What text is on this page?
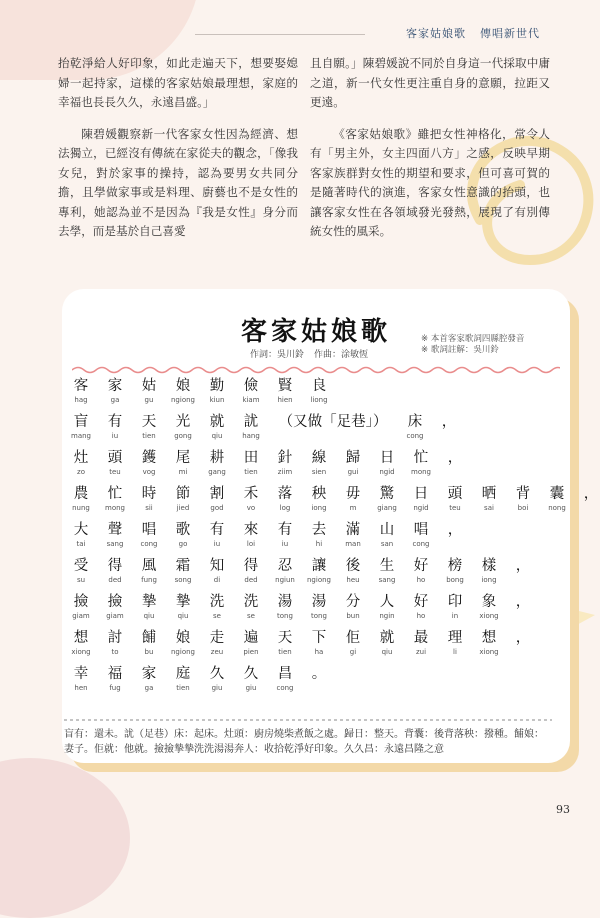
客家姑娘歌 傳唱新世代

抬乾淨給人好印象，如此走遍天下，想要娶媳婦一起持家，這樣的客家姑娘最理想，家庭的幸福也長長久久，永遠昌盛。」

陳碧媛觀察新一代客家女性因為經濟、想法獨立，已經沒有傳統在家從夫的觀念，「像我女兒，對於家事的操持，認為要男女共同分擔，且學做家事或是料理、廚藝也不是女性的專利，她認為並不是因為『我是女性』身分而去學，而是基於自己喜愛

且自願。」陳碧媛說不同於自身這一代採取中庸之道，新一代女性更注重自身的意願，拉距又更遠。

《客家姑娘歌》雖把女性神格化，常令人有「男主外，女主四面八方」之感，反映早期客家族群對女性的期望和要求，但可喜可賀的是隨著時代的演進，客家女性意識的抬頭，也讓客家女性在各領域發光發熱，展現了有別傳統女性的風采。

客家姑娘歌
作詞：吳川鈴 作曲：涂敏恆
※ 本首客家歌詞四縣腔發音
※ 歌詞註解：吳川鈴
客
hag
家
ga
姑
gu
娘
ngiong
勤
kiun
儉
kiam
賢
hien
良
liong
盲
mang
有
iu
天
tien
光
gong
就
qiu
訧
hang
（又做「足巷」）	床
cong
，
灶
zo
頭
teu
鑊
vog
尾
mi
耕
gang
田
tien
針
ziim
線
sien
歸
gui
日
ngid
忙
mong
，
農
nung
忙
mong
時
sii
節
jied
割
god
禾
vo
落
log
秧
iong
毋
m
驚
giang
日
ngid
頭
teu
晒
sai
背
boi
囊
nong
，
大
tai
聲
sang
唱
cong
歌
go
有
iu
來
loi
有
iu
去
hi
滿
man
山
san
唱
cong
，
受
su
得
ded
風
fung
霜
song
知
di
得
ded
忍
ngiun
讓
ngiong
後
heu
生
sang
好
ho
榜
bong
樣
iong
，
撿
giam
撿
giam
摯
qiu
摯
qiu
洗
se
洗
se
湯
tong
湯
tong
分
bun
人
ngin
好
ho
印
in
象
xiong
，
想
xiong
討
to
餔
bu
娘
ngiong
走
zeu
遍
pien
天
tien
下
ha
佢
gi
就
qiu
最
zui
理
li
想
xiong
，
幸
hen
福
fug
家
ga
庭
tien
久
giu
久
giu
昌
cong
。
盲有：還未。訧（足巷）床：起床。灶頭：廚房燒柴煮飯之處。歸日：整天。背囊：後背落秧：撥種。餔娘：妻子。佢就：他就。撿撿摯摯洗洗湯湯奔人：收拾乾淨好印象。久久昌：永遠昌隆之意
93
